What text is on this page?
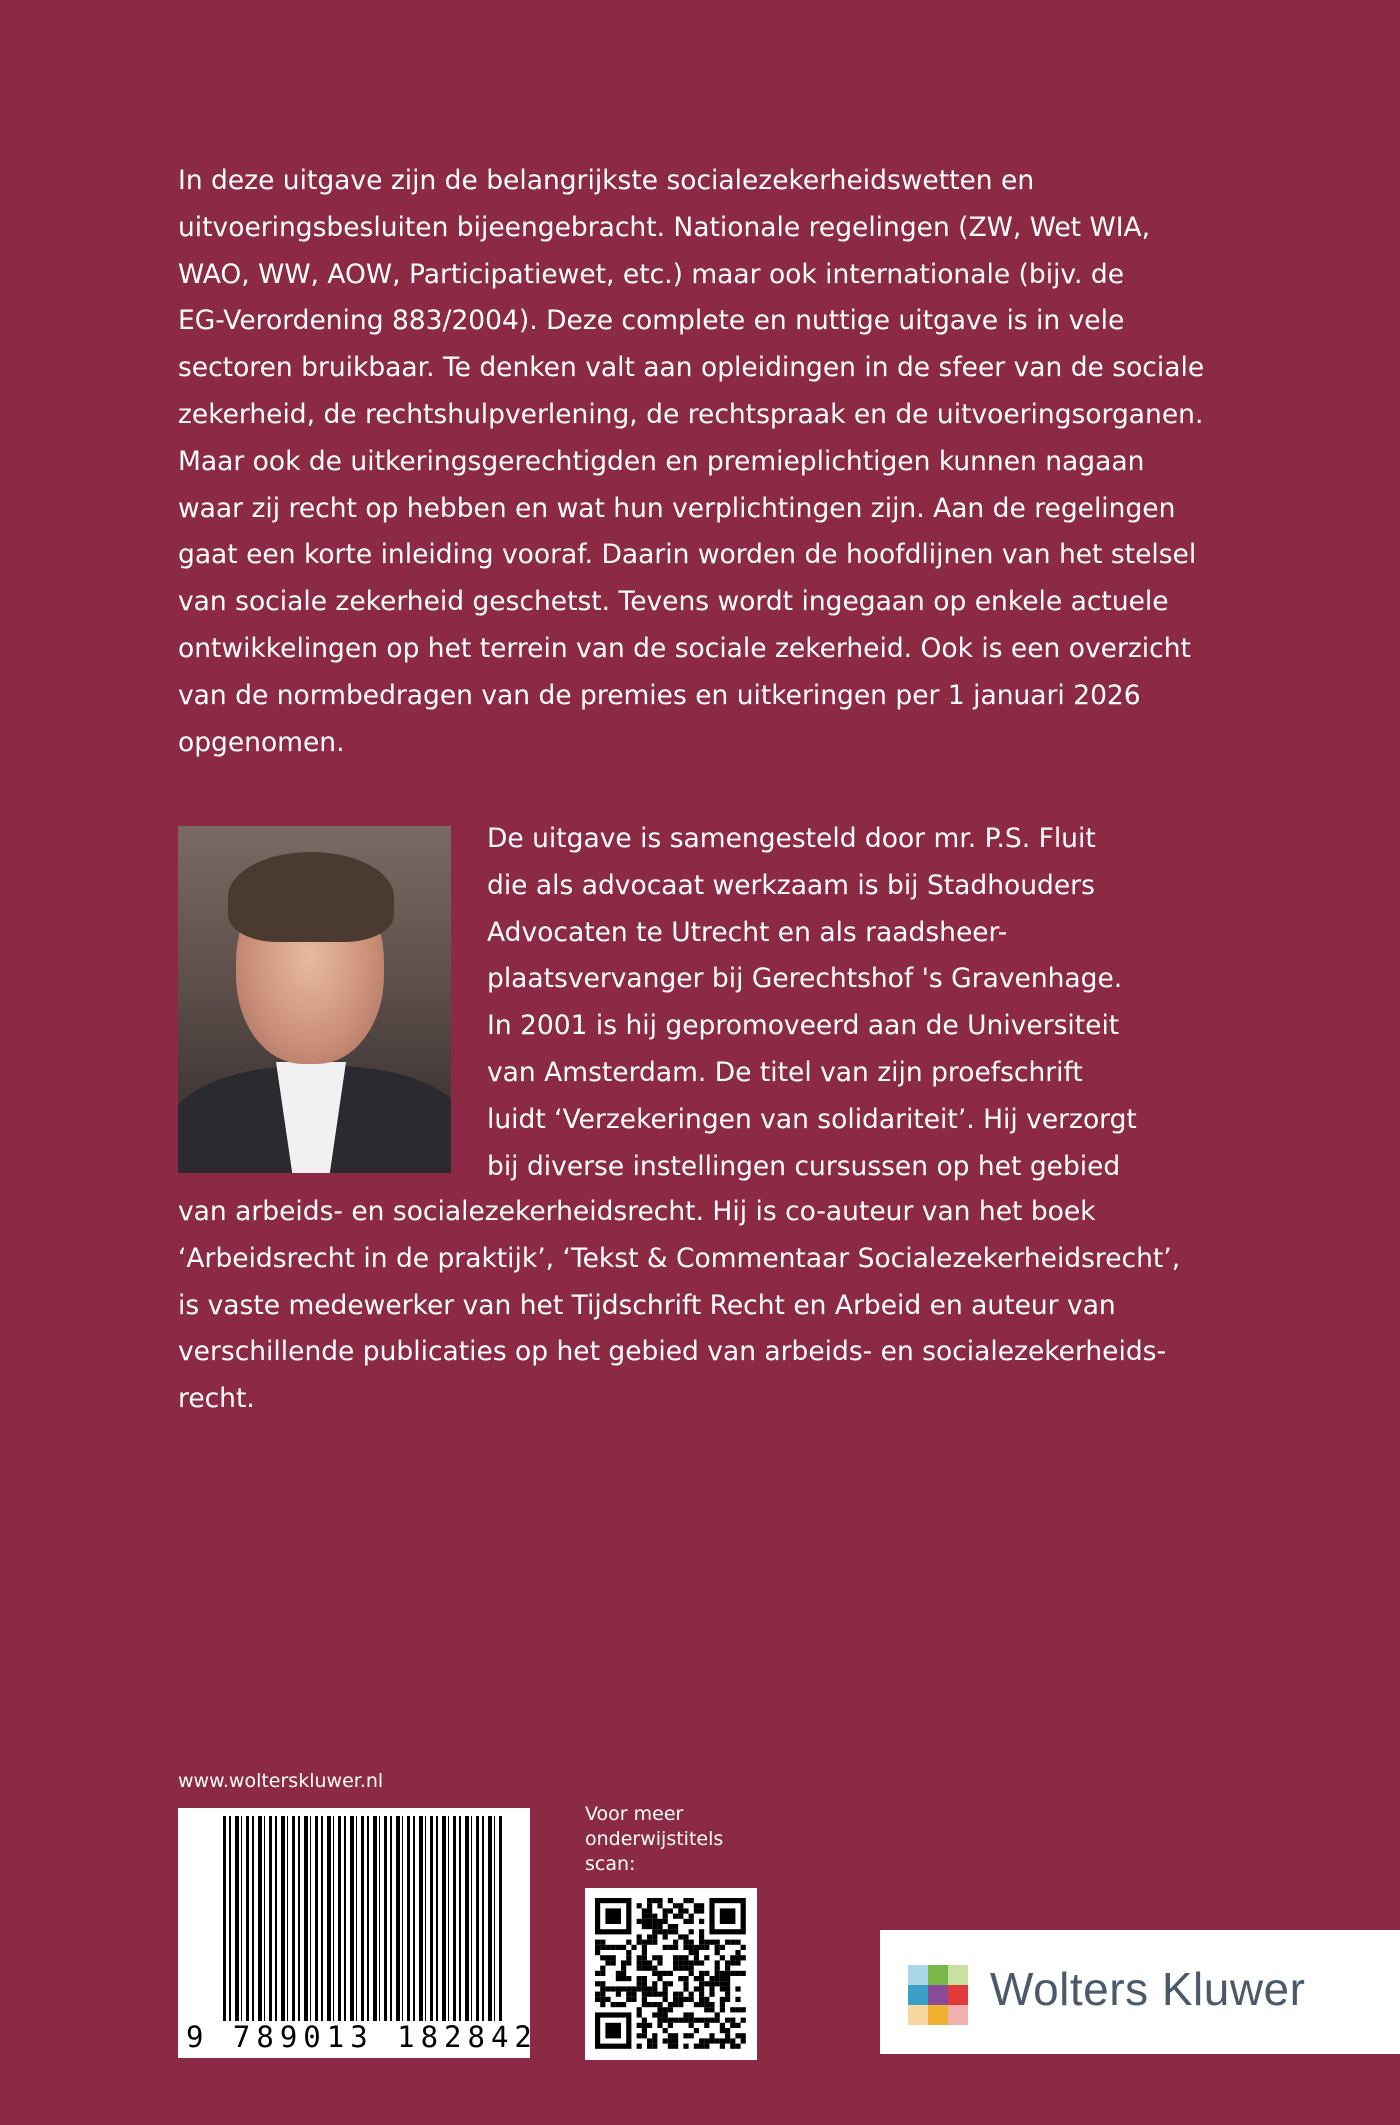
In deze uitgave zijn de belangrijkste socialezekerheidswetten en
uitvoeringsbesluiten bijeengebracht. Nationale regelingen (ZW, Wet WIA,
WAO, WW, AOW, Participatiewet, etc.) maar ook internationale (bijv. de
EG-Verordening 883/2004). Deze complete en nuttige uitgave is in vele
sectoren bruikbaar. Te denken valt aan opleidingen in de sfeer van de sociale
zekerheid, de rechtshulpverlening, de rechtspraak en de uitvoeringsorganen.
Maar ook de uitkeringsgerechtigden en premieplichtigen kunnen nagaan
waar zij recht op hebben en wat hun verplichtingen zijn. Aan de regelingen
gaat een korte inleiding vooraf. Daarin worden de hoofdlijnen van het stelsel
van sociale zekerheid geschetst. Tevens wordt ingegaan op enkele actuele
ontwikkelingen op het terrein van de sociale zekerheid. Ook is een overzicht
van de normbedragen van de premies en uitkeringen per 1 januari 2026
opgenomen.
De uitgave is samengesteld door mr. P.S. Fluit
die als advocaat werkzaam is bij Stadhouders
Advocaten te Utrecht en als raadsheer-
plaatsvervanger bij Gerechtshof 's Gravenhage.
In 2001 is hij gepromoveerd aan de Universiteit
van Amsterdam. De titel van zijn proefschrift
luidt ‘Verzekeringen van solidariteit’. Hij verzorgt
bij diverse instellingen cursussen op het gebied
van arbeids- en socialezekerheidsrecht. Hij is co-auteur van het boek
‘Arbeidsrecht in de praktijk’, ‘Tekst & Commentaar Socialezekerheidsrecht’,
is vaste medewerker van het Tijdschrift Recht en Arbeid en auteur van
verschillende publicaties op het gebied van arbeids- en socialezekerheids-
recht.
www.wolterskluwer.nl
9 789013 182842
Voor meer
onderwijstitels
scan:
Wolters Kluwer
